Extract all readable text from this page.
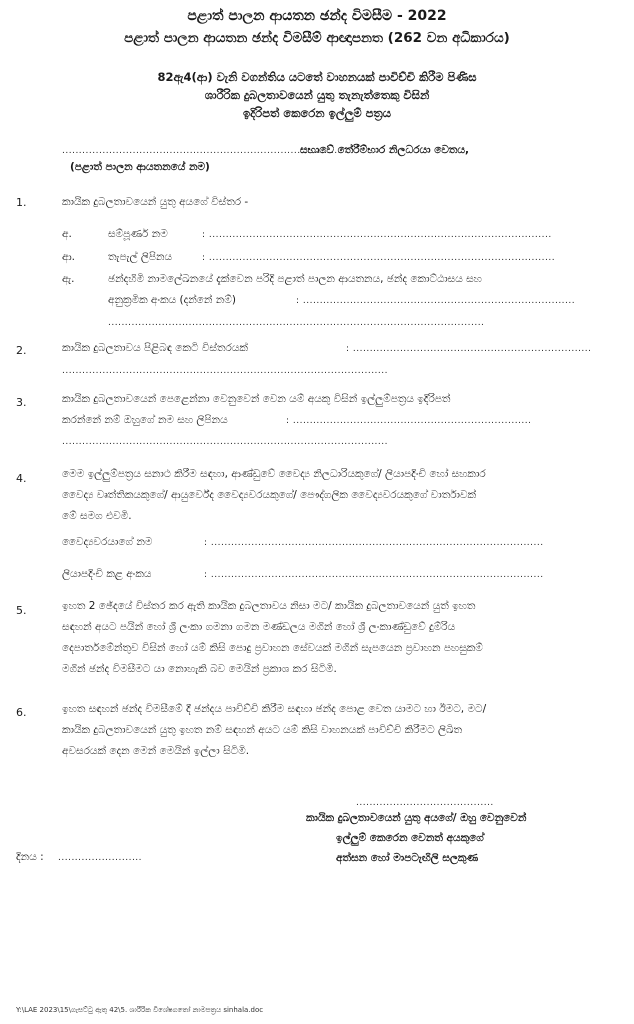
පළාත් පාලන ආයතන ඡන්ද විමසීම - 2022
පළාත් පාලන ආයතන ඡන්ද විමසීම් ආඥාපනත (262 වන අධිකාරය)
82ඇ4(ආ) වැනි වගන්තිය යටතේ වාහනයක් පාවිච්චි කිරීම පිණිස
ශාරීරික දුබලතාවයෙන් යුතු තැනැත්තෙකු විසින්
ඉදිරිපත් කෙරෙන ඉල්ලුම් පත්‍රය
...................................................................................
සභාවේ තේරීම්භාර නිලධරයා වෙතය,
(පළාත් පාලන ආයතනයේ නම)
1.	කායික දුබලතාවයෙන් යුතු අයගේ විස්තර -
අ.	සම්පූර්ණ නම	: ......................................................................................................
ආ.	තැපැල් ලිපිනය	: .......................................................................................................
ඇ.	ඡන්දහිමි නාමලේඛනයේ දැක්වෙන පරිදි පළාත් පාලන ආයතනය, ඡන්ද කොට්ඨාසය සහ
අනුක්‍රමික අංකය (දන්නේ නම්)	: .................................................................................
................................................................................................................
2.	කායික දුබලතාවය පිළිබඳ කෙටි විස්තරයක්	: .......................................................................
.................................................................................................
3.	කායික දුබලතාවයෙන් පෙළෙන්නා වෙනුවෙන් වෙන යම් අයකු විසින් ඉල්ලුම්පත්‍රය ඉදිරිපත්
කරන්නේ නම් ඔහුගේ නම සහ ලිපිනය	: .......................................................................
.................................................................................................
4.	මෙම ඉල්ලුම්පත්‍රය සනාථ කිරීම සඳහා, ආණ්ඩුවේ වෛද්‍ය නිලධාරියකුගේ/ ලියාපදිංචි හෝ සහකාර
වෛද්‍ය වෘත්තිකයකුගේ/ ආයුර්වේද වෛද්‍යවරයකුගේ/ පෞද්ගලික වෛද්‍යවරයකුගේ වාර්තාවක්
මේ සමග එවමි.
වෛද්‍යවරයාගේ නම	: ...................................................................................................
ලියාපදිංචි කළ අංකය	: ...................................................................................................
5.	ඉහත 2 ඡේදයේ විස්තර කර ඇති කායික දුබලතාවය නිසා මට/ කායික දුබලතාවයෙන් යුත් ඉහත
සඳහන් අයට පයින් හෝ ශ්‍රී ලංකා ගමනා ගමන මණ්ඩලය මගින් හෝ ශ්‍රී ලංකාණ්ඩුවේ දුම්රිය
දෙපාර්තමේන්තුව විසින් හෝ යම් කිසි පොදු ප්‍රවාහන සේවයක් මගින් සැපයෙන ප්‍රවාහන පහසුකම්
මගින් ඡන්ද විමසීමට යා නොහැකි බව මෙයින් ප්‍රකාශ කර සිටිමි.
6.	ඉහත සඳහන් ඡන්ද විමසීමේ දී ඡන්දය පාවිච්චි කිරීම සඳහා ඡන්ද පොළ වෙත යාමට හා ඊමට, මට/
කායික දුබලතාවයෙන් යුතු ඉහත නම් සඳහන් අයට යම් කිසි වාහනයක් පාවිච්චි කිරීමට ලිඛිත
අවසරයක් දෙන මෙන් මෙයින් ඉල්ලා සිටිමි.
.........................................
කායික දුබලතාවයෙන් යුතු අයගේ/ ඔහු වෙනුවෙන්
ඉල්ලුම් කෙරෙන වෙනත් අයකුගේ
අත්සන හෝ මාපටැඟිලි සලකුණ
දිනය : .........................
Y:\LAE 2023\15\ගැසට්ටු ඇතු 42\5. ශාරීරික විශේෂගතෝ නාමපත්‍රය sinhala.doc
